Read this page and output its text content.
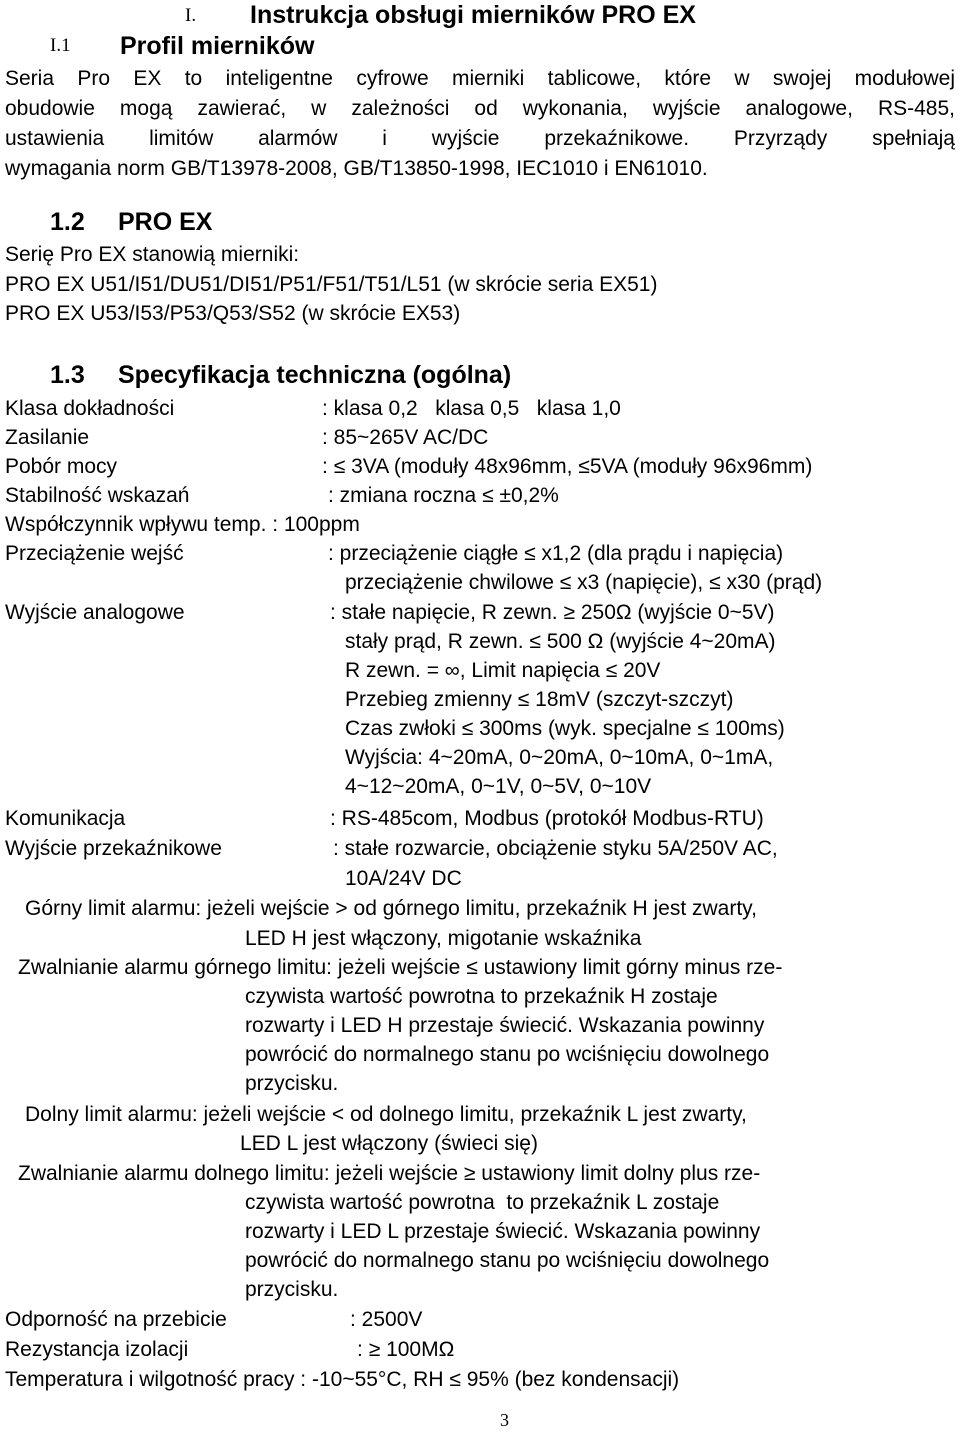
I. Instrukcja obsługi mierników PRO EX
I.1 Profil mierników
Seria Pro EX to inteligentne cyfrowe mierniki tablicowe, które w swojej modułowej
obudowie mogą zawierać, w zależności od wykonania, wyjście analogowe, RS-485,
ustawienia limitów alarmów i wyjście przekaźnikowe. Przyrządy spełniają
wymagania norm GB/T13978-2008, GB/T13850-1998, IEC1010 i EN61010.
1.2 PRO EX
Serię Pro EX stanowią mierniki:
PRO EX U51/I51/DU51/DI51/P51/F51/T51/L51 (w skrócie seria EX51)
PRO EX U53/I53/P53/Q53/S52 (w skrócie EX53)
1.3 Specyfikacja techniczna (ogólna)
Klasa dokładności	: klasa 0,2   klasa 0,5   klasa 1,0
Zasilanie	: 85~265V AC/DC
Pobór mocy	: ≤ 3VA (moduły 48x96mm, ≤ 5VA (moduły 96x96mm)
Stabilność wskazań	: zmiana roczna ≤ ±0,2%
Współczynnik wpływu temp. : 100ppm
Przeciążenie wejść	: przeciążenie ciągłe ≤ x1,2 (dla prądu i napięcia)
przeciążenie chwilowe ≤ x3 (napięcie), ≤ x30 (prąd)
Wyjście analogowe	: stałe napięcie, R zewn. ≥ 250Ω (wyjście 0~5V)
stały prąd, R zewn. ≤ 500 Ω (wyjście 4~20mA)
R zewn. = ∞, Limit napięcia ≤ 20V
Przebieg zmienny ≤ 18mV (szczyt-szczyt)
Czas zwłoki ≤ 300ms (wyk. specjalne ≤ 100ms)
Wyjścia: 4~20mA, 0~20mA, 0~10mA, 0~1mA,
4~12~20mA, 0~1V, 0~5V, 0~10V
Komunikacja	: RS-485com, Modbus (protokół Modbus-RTU)
Wyjście przekaźnikowe	: stałe rozwarcie, obciążenie styku 5A/250V AC,
10A/24V DC
Górny limit alarmu: jeżeli wejście > od górnego limitu, przekaźnik H jest zwarty,
LED H jest włączony, migotanie wskaźnika
Zwalnianie alarmu górnego limitu: jeżeli wejście ≤ ustawiony limit górny minus rze-
czywista wartość powrotna to przekaźnik H zostaje
rozwarty i LED H przestaje świecić. Wskazania powinny
powrócić do normalnego stanu po wciśnięciu dowolnego
przycisku.
Dolny limit alarmu: jeżeli wejście < od dolnego limitu, przekaźnik L jest zwarty,
LED L jest włączony (świeci się)
Zwalnianie alarmu dolnego limitu: jeżeli wejście ≥ ustawiony limit dolny plus rze-
czywista wartość powrotna  to przekaźnik L zostaje
rozwarty i LED L przestaje świecić. Wskazania powinny
powrócić do normalnego stanu po wciśnięciu dowolnego
przycisku.
Odporność na przebicie	: 2500V
Rezystancja izolacji	: ≥ 100MΩ
Temperatura i wilgotność pracy : -10~55°C, RH ≤ 95% (bez kondensacji)
3
